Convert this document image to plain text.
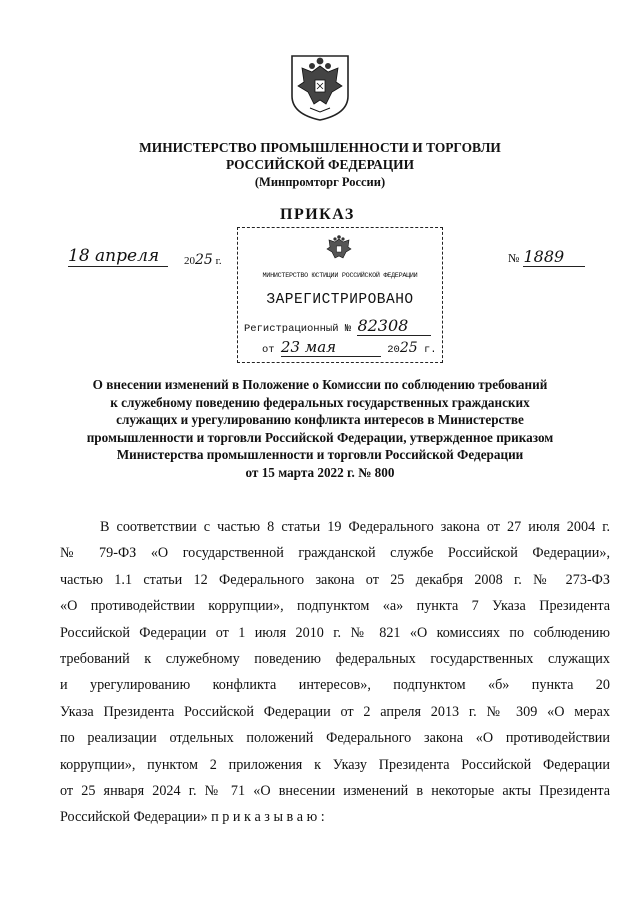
МИНИСТЕРСТВО ПРОМЫШЛЕННОСТИ И ТОРГОВЛИ
РОССИЙСКОЙ ФЕДЕРАЦИИ
(Минпромторг России)
ПРИКАЗ
18 апреля	2025 г.	№ 1889
МИНИСТЕРСТВО ЮСТИЦИИ РОССИЙСКОЙ ФЕДЕРАЦИИ
ЗАРЕГИСТРИРОВАНО
Регистрационный № 82308
от 23 мая	2025 г.
О внесении изменений в Положение о Комиссии по соблюдению требований
к служебному поведению федеральных государственных гражданских
служащих и урегулированию конфликта интересов в Министерстве
промышленности и торговли Российской Федерации, утвержденное приказом
Министерства промышленности и торговли Российской Федерации
от 15 марта 2022 г. № 800

В соответствии с частью 8 статьи 19 Федерального закона от 27 июля 2004 г.

№ 79-ФЗ «О государственной гражданской службе Российской Федерации»,

частью 1.1 статьи 12 Федерального закона от 25 декабря 2008 г. № 273-ФЗ

«О противодействии коррупции», подпунктом «а» пункта 7 Указа Президента

Российской Федерации от 1 июля 2010 г. № 821 «О комиссиях по соблюдению

требований к служебному поведению федеральных государственных служащих

и урегулированию конфликта интересов», подпунктом «б» пункта 20

Указа Президента Российской Федерации от 2 апреля 2013 г. № 309 «О мерах

по реализации отдельных положений Федерального закона «О противодействии

коррупции», пунктом 2 приложения к Указу Президента Российской Федерации

от 25 января 2024 г. № 71 «О внесении изменений в некоторые акты Президента

Российской Федерации» п р и к а з ы в а ю :
